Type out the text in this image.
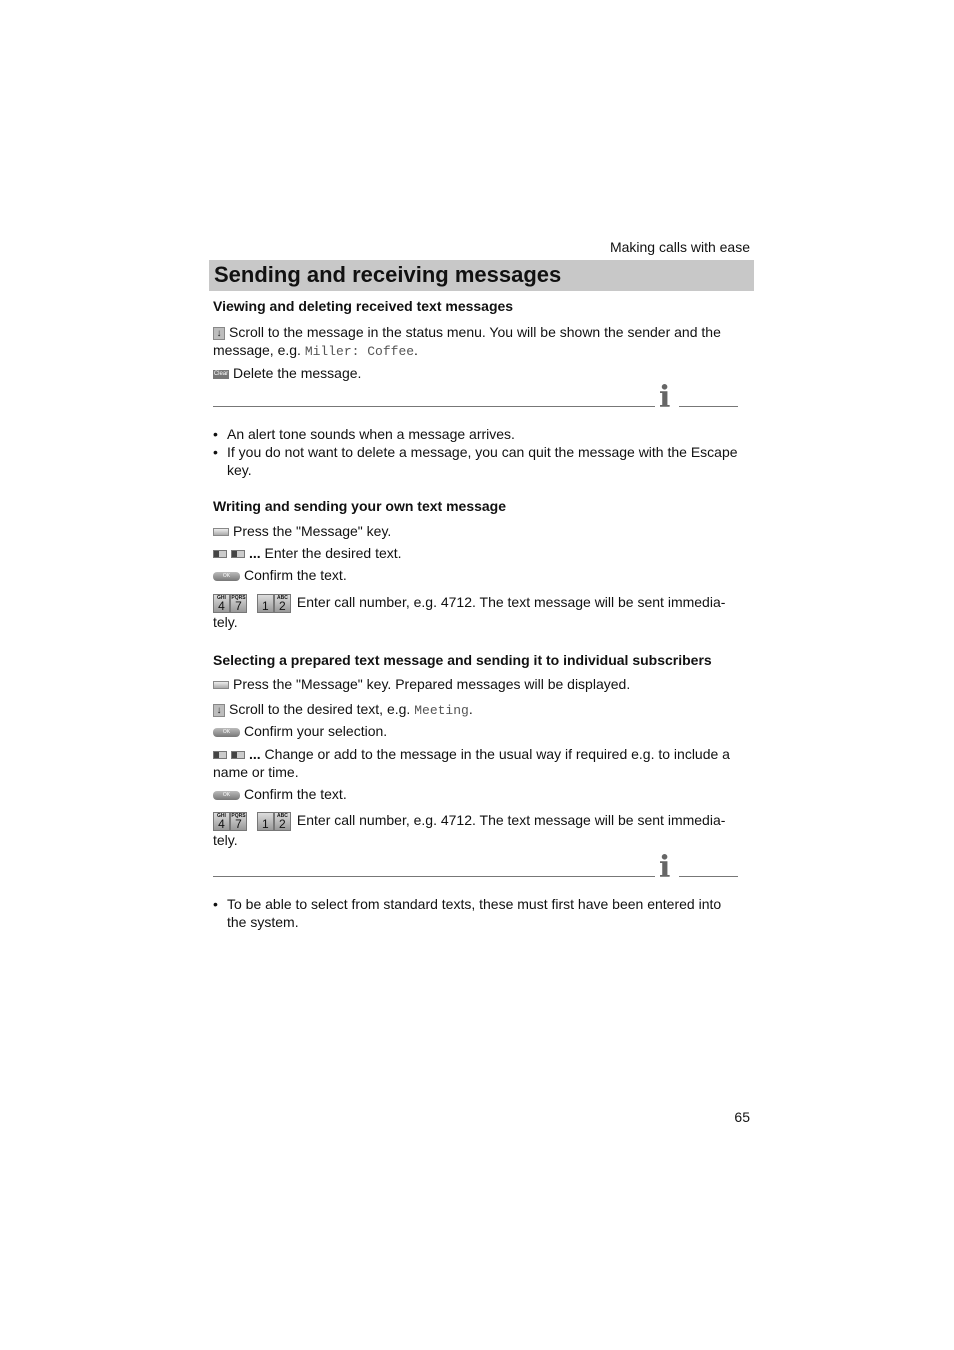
Making calls with ease
Sending and receiving messages
Viewing and deleting received text messages
↓ Scroll to the message in the status menu. You will be shown the sender and the message, e.g. Miller: Coffee.
Clear Delete the message.
i
• An alert tone sounds when a message arrives.
• If you do not want to delete a message, you can quit the message with the Escape key.
Writing and sending your own text message
Press the "Message" key.
... Enter the desired text.
OK Confirm the text.
GHI
4
PQRS
7
	1
ABC
2 Enter call number, e.g. 4712. The text message will be sent immedia-tely.
Selecting a prepared text message and sending it to individual subscribers
Press the "Message" key. Prepared messages will be displayed.
↓ Scroll to the desired text, e.g. Meeting.
OK Confirm your selection.
... Change or add to the message in the usual way if required e.g. to include a name or time.
OK Confirm the text.
GHI
4
PQRS
7
	1
ABC
2 Enter call number, e.g. 4712. The text message will be sent immedia-tely.
i
• To be able to select from standard texts, these must first have been entered into the system.
65
